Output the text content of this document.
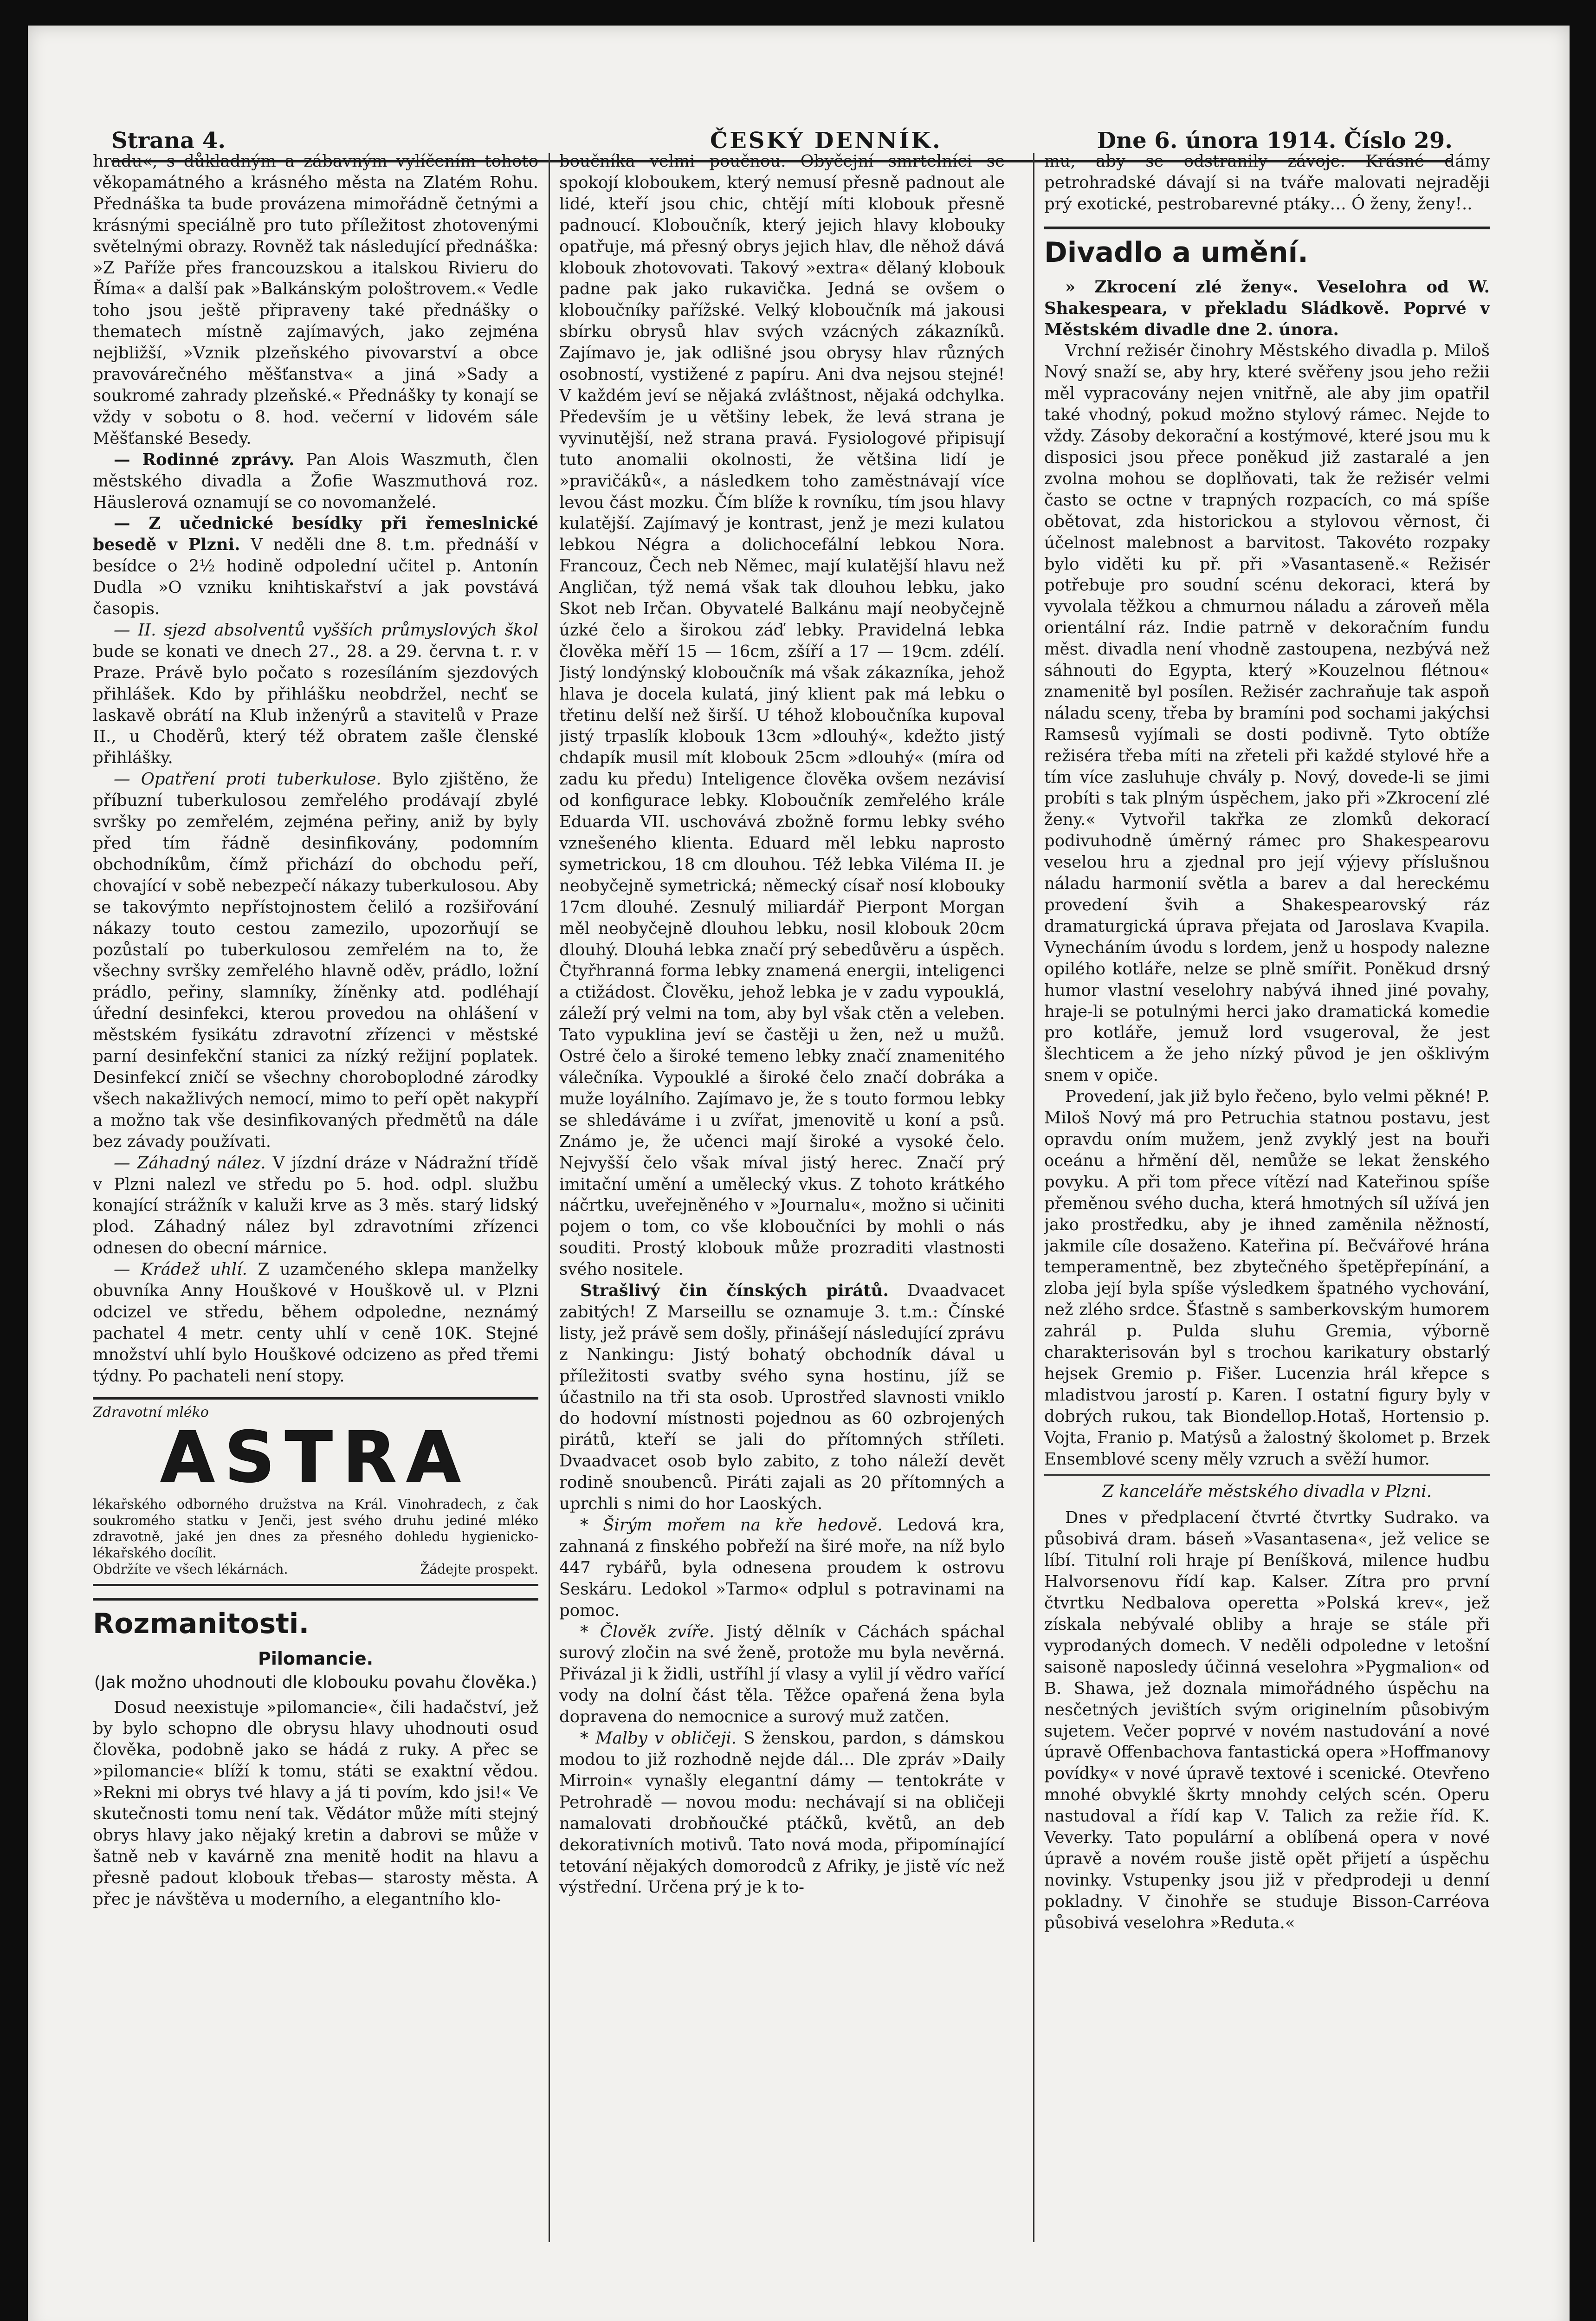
Strana 4.	ČESKÝ DENNÍK.	Dne 6. února 1914. Číslo 29.

hradu«, s důkladným a zábavným vylíčením tohoto věkopamátného a krásného města na Zlatém Rohu. Přednáška ta bude provázena mimořádně četnými a krásnými speciálně pro tuto příležitost zhotovenými světelnými obrazy. Rovněž tak následující přednáška: »Z Paříže přes francouzskou a italskou Rivieru do Říma« a další pak »Balkánským pološtrovem.« Vedle toho jsou ještě připraveny také přednášky o thematech místně zajímavých, jako zejména nejbližší, »Vznik plzeňského pivovarství a obce pravovárečného měšťanstva« a jiná »Sady a soukromé zahrady plzeňské.« Přednášky ty konají se vždy v sobotu o 8. hod. večerní v lidovém sále Měšťanské Besedy.

— Rodinné zprávy. Pan Alois Waszmuth, člen městského divadla a Žofie Waszmuthová roz. Häuslerová oznamují se co novomanželé.

— Z učednické besídky při řemeslnické besedě v Plzni. V neděli dne 8. t.m. přednáší v besídce o 2½ hodině odpolední učitel p. Antonín Dudla »O vzniku knihtiskařství a jak povstává časopis.

— II. sjezd absolventů vyšších průmyslových škol bude se konati ve dnech 27., 28. a 29. června t. r. v Praze. Právě bylo počato s rozesíláním sjezdových přihlášek. Kdo by přihlášku neobdržel, nechť se laskavě obrátí na Klub inženýrů a stavitelů v Praze II., u Choděrů, který též obratem zašle členské přihlášky.

— Opatření proti tuberkulose. Bylo zjištěno, že příbuzní tuberkulosou zemřelého prodávají zbylé svršky po zemřelém, zejména peřiny, aniž by byly před tím řádně desinfikovány, podomním obchodníkům, čímž přichází do obchodu peří, chovající v sobě nebezpečí nákazy tuberkulosou. Aby se takovýmto nepřístojnostem čeliló a rozšiřování nákazy touto cestou zamezilo, upozorňují se pozůstalí po tuberkulosou zemřelém na to, že všechny svršky zemřelého hlavně oděv, prádlo, ložní prádlo, peřiny, slamníky, žíněnky atd. podléhají úřední desinfekci, kterou provedou na ohlášení v městském fysikátu zdravotní zřízenci v městské parní desinfekční stanici za nízký režijní poplatek. Desinfekcí zničí se všechny choroboplodné zárodky všech nakažlivých nemocí, mimo to peří opět nakypří a možno tak vše desinfikovaných předmětů na dále bez závady používati.

— Záhadný nález. V jízdní dráze v Nádražní třídě v Plzni nalezl ve středu po 5. hod. odpl. službu konající strážník v kaluži krve as 3 měs. starý lidský plod. Záhadný nález byl zdravotními zřízenci odnesen do obecní márnice.

— Krádež uhlí. Z uzamčeného sklepa manželky obuvníka Anny Houškové v Houškově ul. v Plzni odcizel ve středu, během odpoledne, neznámý pachatel 4 metr. centy uhlí v ceně 10K. Stejné množství uhlí bylo Houškové odcizeno as před třemi týdny. Po pachateli není stopy.

Zdravotní mléko
ASTRA
lékařského odborného družstva na Král. Vinohradech, z čak soukromého statku v Jenči, jest svého druhu jediné mléko zdravotně, jaké jen dnes za přesného dohledu hygienicko-lékařského docílit.
Obdržíte ve všech lékárnách.	Žádejte prospekt.
Rozmanitosti.
Pilomancie.

(Jak možno uhodnouti dle klobouku povahu člověka.)

Dosud neexistuje »pilomancie«, čili hadačství, jež by bylo schopno dle obrysu hlavy uhodnouti osud člověka, podobně jako se hádá z ruky. A přec se »pilomancie« blíží k tomu, státi se exaktní vědou. »Rekni mi obrys tvé hlavy a já ti povím, kdo jsi!« Ve skutečnosti tomu není tak. Vědátor může míti stejný obrys hlavy jako nějaký kretin a dabrovi se může v šatně neb v kavárně zna menitě hodit na hlavu a přesně padout klobouk třebas— starosty města. A přec je návštěva u moderního, a elegantního klo-

boučníka velmi poučnou. Obyčejní smrtelníci se spokojí kloboukem, který nemusí přesně padnout ale lidé, kteří jsou chic, chtějí míti klobouk přesně padnoucí. Kloboučník, který jejich hlavy klobouky opatřuje, má přesný obrys jejich hlav, dle něhož dává klobouk zhotovovati. Takový »extra« dělaný klobouk padne pak jako rukavička. Jedná se ovšem o kloboučníky pařížské. Velký kloboučník má jakousi sbírku obrysů hlav svých vzácných zákazníků. Zajímavo je, jak odlišné jsou obrysy hlav různých osobností, vystižené z papíru. Ani dva nejsou stejné! V každém jeví se nějaká zvláštnost, nějaká odchylka. Především je u většiny lebek, že levá strana je vyvinutější, než strana pravá. Fysiologové připisují tuto anomalii okolnosti, že většina lidí je »pravičáků«, a následkem toho zaměstnávají více levou část mozku. Čím blíže k rovníku, tím jsou hlavy kulatější. Zajímavý je kontrast, jenž je mezi kulatou lebkou Négra a dolichocefální lebkou Nora. Francouz, Čech neb Němec, mají kulatější hlavu než Angličan, týž nemá však tak dlouhou lebku, jako Skot neb Irčan. Obyvatelé Balkánu mají neobyčejně úzké čelo a širokou záď lebky. Pravidelná lebka člověka měří 15 — 16cm, zšíří a 17 — 19cm. zdélí. Jistý londýnský kloboučník má však zákazníka, jehož hlava je docela kulatá, jiný klient pak má lebku o třetinu delší než širší. U téhož kloboučníka kupoval jistý trpaslík klobouk 13cm »dlouhý«, kdežto jistý chdapík musil mít klobouk 25cm »dlouhý« (míra od zadu ku předu) Inteligence člověka ovšem nezávisí od konfigurace lebky. Kloboučník zemřelého krále Eduarda VII. uschovává zbožně formu lebky svého vznešeného klienta. Eduard měl lebku naprosto symetrickou, 18 cm dlouhou. Též lebka Viléma II. je neobyčejně symetrická; německý císař nosí klobouky 17cm dlouhé. Zesnulý miliardář Pierpont Morgan měl neobyčejně dlouhou lebku, nosil klobouk 20cm dlouhý. Dlouhá lebka značí prý sebedůvěru a úspěch. Čtyřhranná forma lebky znamená energii, inteligenci a ctižádost. Člověku, jehož lebka je v zadu vypouklá, záleží prý velmi na tom, aby byl však ctěn a veleben. Tato vypuklina jeví se častěji u žen, než u mužů. Ostré čelo a široké temeno lebky značí znamenitého válečníka. Vypouklé a široké čelo značí dobráka a muže loyálního. Zajímavo je, že s touto formou lebky se shledáváme i u zvířat, jmenovitě u koní a psů. Známo je, že učenci mají široké a vysoké čelo. Nejvyšší čelo však míval jistý herec. Značí prý imitační umění a umělecký vkus. Z tohoto krátkého náčrtku, uveřejněného v »Journalu«, možno si učiniti pojem o tom, co vše kloboučníci by mohli o nás souditi. Prostý klobouk může prozraditi vlastnosti svého nositele.

Strašlivý čin čínských pirátů. Dvaadvacet zabitých! Z Marseillu se oznamuje 3. t.m.: Čínské listy, jež právě sem došly, přinášejí následující zprávu z Nankingu: Jistý bohatý obchodník dával u příležitosti svatby svého syna hostinu, jíž se účastnilo na tři sta osob. Uprostřed slavnosti vniklo do hodovní místnosti pojednou as 60 ozbrojených pirátů, kteří se jali do přítomných stříleti. Dvaadvacet osob bylo zabito, z toho náleží devět rodině snoubenců. Piráti zajali as 20 přítomných a uprchli s nimi do hor Laoských.

* Širým mořem na kře hedově. Ledová kra, zahnaná z finského pobřeží na širé moře, na níž bylo 447 rybářů, byla odnesena proudem k ostrovu Seskáru. Ledokol »Tarmo« odplul s potravinami na pomoc.

* Člověk zvíře. Jistý dělník v Cáchách spáchal surový zločin na své ženě, protože mu byla nevěrná. Přivázal ji k židli, ustříhl jí vlasy a vylil jí vědro vařící vody na dolní část těla. Těžce opařená žena byla dopravena do nemocnice a surový muž zatčen.

* Malby v obličeji. S ženskou, pardon, s dámskou modou to již rozhodně nejde dál… Dle zpráv »Daily Mirroin« vynašly elegantní dámy — tentokráte v Petrohradě — novou modu: nechávají si na obličeji namalovati drobňoučké ptáčků, květů, an deb dekorativních motivů. Tato nová moda, připomínající tetování nějakých domorodců z Afriky, je jistě víc než výstřední. Určena prý je k to-

mu, aby se odstranily závoje. Krásné dámy petrohradské dávají si na tváře malovati nejraději prý exotické, pestrobarevné ptáky… Ó ženy, ženy!..

Divadlo a umění.

» Zkrocení zlé ženy«. Veselohra od W. Shakespeara, v překladu Sládkově. Poprvé v Městském divadle dne 2. února.

Vrchní režisér činohry Městského divadla p. Miloš Nový snaží se, aby hry, které svěřeny jsou jeho režii měl vypracovány nejen vnitřně, ale aby jim opatřil také vhodný, pokud možno stylový rámec. Nejde to vždy. Zásoby dekorační a kostýmové, které jsou mu k disposici jsou přece poněkud již zastaralé a jen zvolna mohou se doplňovati, tak že režisér velmi často se octne v trapných rozpacích, co má spíše obětovat, zda historickou a stylovou věrnost, či účelnost malebnost a barvitost. Takovéto rozpaky bylo viděti ku př. při »Vasantaseně.« Režisér potřebuje pro soudní scénu dekoraci, která by vyvolala těžkou a chmurnou náladu a zároveň měla orientální ráz. Indie patrně v dekoračním fundu měst. divadla není vhodně zastoupena, nezbývá než sáhnouti do Egypta, který »Kouzelnou flétnou« znamenitě byl posílen. Režisér zachraňuje tak aspoň náladu sceny, třeba by bramíni pod sochami jakýchsi Ramsesů vyjímali se dosti podivně. Tyto obtíže režiséra třeba míti na zřeteli při každé stylové hře a tím více zasluhuje chvály p. Nový, dovede-li se jimi probíti s tak plným úspěchem, jako při »Zkrocení zlé ženy.« Vytvořil takřka ze zlomků dekorací podivuhodně úměrný rámec pro Shakespearovu veselou hru a zjednal pro její výjevy příslušnou náladu harmonií světla a barev a dal hereckému provedení švih a Shakespearovský ráz dramaturgická úprava přejata od Jaroslava Kvapila. Vynecháním úvodu s lordem, jenž u hospody nalezne opilého kotláře, nelze se plně smířit. Poněkud drsný humor vlastní veselohry nabývá ihned jiné povahy, hraje-li se potulnými herci jako dramatická komedie pro kotláře, jemuž lord vsugeroval, že jest šlechticem a že jeho nízký původ je jen ošklivým snem v opiče.

Provedení, jak již bylo řečeno, bylo velmi pěkné! P. Miloš Nový má pro Petruchia statnou postavu, jest opravdu oním mužem, jenž zvyklý jest na bouři oceánu a hřmění děl, nemůže se lekat ženského povyku. A při tom přece vítězí nad Kateřinou spíše přeměnou svého ducha, která hmotných síl užívá jen jako prostředku, aby je ihned zaměnila něžností, jakmile cíle dosaženo. Kateřina pí. Bečvářové hrána temperamentně, bez zbytečného špetěpřepínání, a zloba její byla spíše výsledkem špatného vychování, než zlého srdce. Šťastně s samberkovským humorem zahrál p. Pulda sluhu Gremia, výborně charakterisován byl s trochou karikatury obstarlý hejsek Gremio p. Fišer. Lucenzia hrál křepce s mladistvou jarostí p. Karen. I ostatní figury byly v dobrých rukou, tak Biondellop.Hotaš, Hortensio p. Vojta, Franio p. Matýsů a žalostný školomet p. Brzek Ensemblové sceny měly vzruch a svěží humor.

Z kanceláře městského divadla v Plzni.

Dnes v předplacení čtvrté čtvrtky Sudrako. va působivá dram. báseň »Vasantasena«, jež velice se líbí. Titulní roli hraje pí Beníšková, milence hudbu Halvorsenovu řídí kap. Kalser. Zítra pro první čtvrtku Nedbalova operetta »Polská krev«, jež získala nebývalé obliby a hraje se stále při vyprodaných domech. V neděli odpoledne v letošní saisoně naposledy účinná veselohra »Pygmalion« od B. Shawa, jež doznala mimořádného úspěchu na nesčetných jevištích svým originelním působivým sujetem. Večer poprvé v novém nastudování a nové úpravě Offenbachova fantastická opera »Hoffmanovy povídky« v nové úpravě textové i scenické. Otevřeno mnohé obvyklé škrty mnohdy celých scén. Operu nastudoval a řídí kap V. Talich za režie říd. K. Veverky. Tato populární a oblíbená opera v nové úpravě a novém rouše jistě opět přijetí a úspěchu novinky. Vstupenky jsou již v předprodeji u denní pokladny. V činohře se studuje Bisson-Carréova působivá veselohra »Reduta.«
